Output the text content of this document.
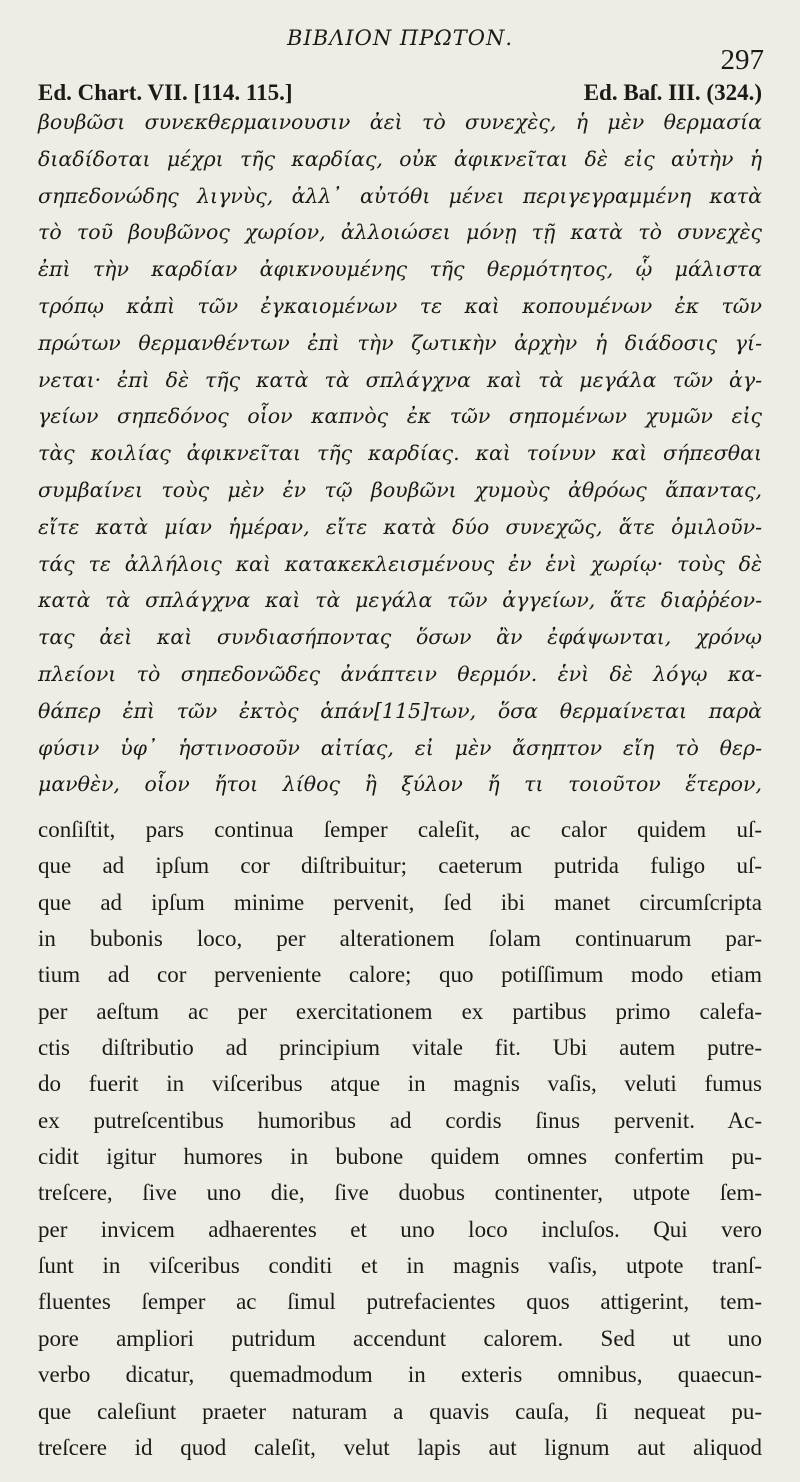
ΒΙΒΛΙΟΝ ΠΡΩΤΟΝ.
297
Ed. Chart. VII. [114. 115.]	Ed. Baſ. III. (324.)
βουβῶσι συνεκθερμαινουσιν ἀεὶ τὸ συνεχὲς, ἡ μὲν θερμασία
διαδίδοται μέχρι τῆς καρδίας, οὐκ ἀφικνεῖται δὲ εἰς αὐτὴν ἡ
σηπεδονώδης λιγνὺς, ἀλλ᾽ αὐτόθι μένει περιγεγραμμένη κατὰ
τὸ τοῦ βουβῶνος χωρίον, ἀλλοιώσει μόνῃ τῇ κατὰ τὸ συνεχὲς
ἐπὶ τὴν καρδίαν ἀφικνουμένης τῆς θερμότητος, ᾧ μάλιστα
τρόπῳ κἀπὶ τῶν ἐγκαιομένων τε καὶ κοπουμένων ἐκ τῶν
πρώτων θερμανθέντων ἐπὶ τὴν ζωτικὴν ἀρχὴν ἡ διάδοσις γί-
νεται· ἐπὶ δὲ τῆς κατὰ τὰ σπλάγχνα καὶ τὰ μεγάλα τῶν ἀγ-
γείων σηπεδόνος οἷον καπνὸς ἐκ τῶν σηπομένων χυμῶν εἰς
τὰς κοιλίας ἀφικνεῖται τῆς καρδίας. καὶ τοίνυν καὶ σήπεσθαι
συμβαίνει τοὺς μὲν ἐν τῷ βουβῶνι χυμοὺς ἀθρόως ἅπαντας,
εἴτε κατὰ μίαν ἡμέραν, εἴτε κατὰ δύο συνεχῶς, ἅτε ὁμιλοῦν-
τάς τε ἀλλήλοις καὶ κατακεκλεισμένους ἐν ἑνὶ χωρίῳ· τοὺς δὲ
κατὰ τὰ σπλάγχνα καὶ τὰ μεγάλα τῶν ἀγγείων, ἅτε διαῤῥέον-
τας ἀεὶ καὶ συνδιασήποντας ὅσων ἂν ἐφάψωνται, χρόνῳ
πλείονι τὸ σηπεδονῶδες ἀνάπτειν θερμόν. ἑνὶ δὲ λόγῳ κα-
θάπερ ἐπὶ τῶν ἐκτὸς ἁπάν[115]των, ὅσα θερμαίνεται παρὰ
φύσιν ὑφ᾽ ἡστινοσοῦν αἰτίας, εἰ μὲν ἄσηπτον εἴη τὸ θερ-
μανθὲν, οἷον ἤτοι λίθος ἢ ξύλον ἤ τι τοιοῦτον ἕτερον,
conſiſtit, pars continua ſemper caleſit, ac calor quidem uſ-
que ad ipſum cor diſtribuitur; caeterum putrida fuligo uſ-
que ad ipſum minime pervenit, ſed ibi manet circumſcripta
in bubonis loco, per alterationem ſolam continuarum par-
tium ad cor perveniente calore; quo potiſſimum modo etiam
per aeſtum ac per exercitationem ex partibus primo calefa-
ctis diſtributio ad principium vitale fit. Ubi autem putre-
do fuerit in viſceribus atque in magnis vaſis, veluti fumus
ex putreſcentibus humoribus ad cordis ſinus pervenit. Ac-
cidit igitur humores in bubone quidem omnes confertim pu-
treſcere, ſive uno die, ſive duobus continenter, utpote ſem-
per invicem adhaerentes et uno loco incluſos. Qui vero
ſunt in viſceribus conditi et in magnis vaſis, utpote tranſ-
fluentes ſemper ac ſimul putrefacientes quos attigerint, tem-
pore ampliori putridum accendunt calorem. Sed ut uno
verbo dicatur, quemadmodum in exteris omnibus, quaecun-
que caleſiunt praeter naturam a quavis cauſa, ſi nequeat pu-
treſcere id quod caleſit, velut lapis aut lignum aut aliquod
